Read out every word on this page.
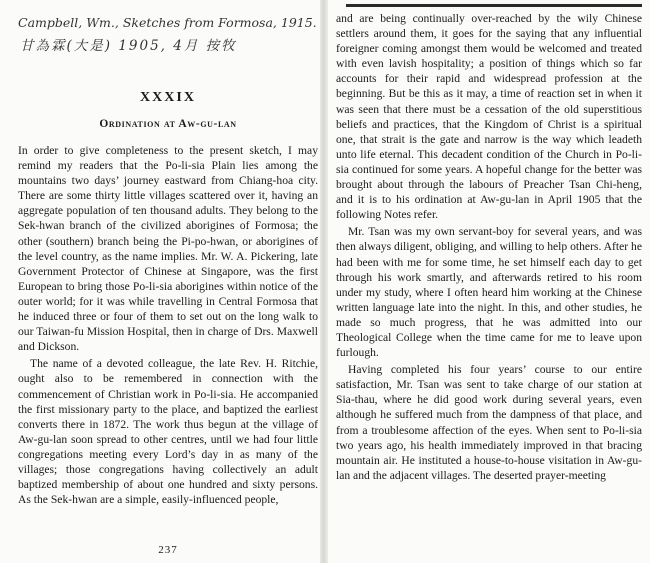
Campbell, Wm., Sketches from Formosa, 1915.

甘為霖(大是) 1905, 4月 按牧

XXXIX
Ordination at Aw-gu-lan

In order to give completeness to the present sketch, I may remind my readers that the Po-li-sia Plain lies among the mountains two days’ journey eastward from Chiang-hoa city. There are some thirty little villages scattered over it, having an aggregate population of ten thousand adults. They belong to the Sek-hwan branch of the civilized aborigines of Formosa; the other (southern) branch being the Pi-po-hwan, or aborigines of the level country, as the name implies. Mr. W. A. Pickering, late Government Protector of Chinese at Singapore, was the first European to bring those Po-li-sia aborigines within notice of the outer world; for it was while travelling in Central Formosa that he induced three or four of them to set out on the long walk to our Taiwan-fu Mission Hospital, then in charge of Drs. Maxwell and Dickson.

The name of a devoted colleague, the late Rev. H. Ritchie, ought also to be remembered in connection with the commencement of Christian work in Po-li-sia. He accompanied the first missionary party to the place, and baptized the earliest converts there in 1872. The work thus begun at the village of Aw-gu-lan soon spread to other centres, until we had four little congregations meeting every Lord’s day in as many of the villages; those congregations having collectively an adult baptized membership of about one hundred and sixty persons. As the Sek-hwan are a simple, easily-influenced people,

237

and are being continually over-reached by the wily Chinese settlers around them, it goes for the saying that any influential foreigner coming amongst them would be welcomed and treated with even lavish hospitality; a position of things which so far accounts for their rapid and widespread profession at the beginning. But be this as it may, a time of reaction set in when it was seen that there must be a cessation of the old superstitious beliefs and practices, that the Kingdom of Christ is a spiritual one, that strait is the gate and narrow is the way which leadeth unto life eternal. This decadent condition of the Church in Po-li-sia continued for some years. A hopeful change for the better was brought about through the labours of Preacher Tsan Chi-heng, and it is to his ordination at Aw-gu-lan in April 1905 that the following Notes refer.

Mr. Tsan was my own servant-boy for several years, and was then always diligent, obliging, and willing to help others. After he had been with me for some time, he set himself each day to get through his work smartly, and afterwards retired to his room under my study, where I often heard him working at the Chinese written language late into the night. In this, and other studies, he made so much progress, that he was admitted into our Theological College when the time came for me to leave upon furlough.

Having completed his four years’ course to our entire satisfaction, Mr. Tsan was sent to take charge of our station at Sia-thau, where he did good work during several years, even although he suffered much from the dampness of that place, and from a troublesome affection of the eyes. When sent to Po-li-sia two years ago, his health immediately improved in that bracing mountain air. He instituted a house-to-house visitation in Aw-gu-lan and the adjacent villages. The deserted prayer-meeting
